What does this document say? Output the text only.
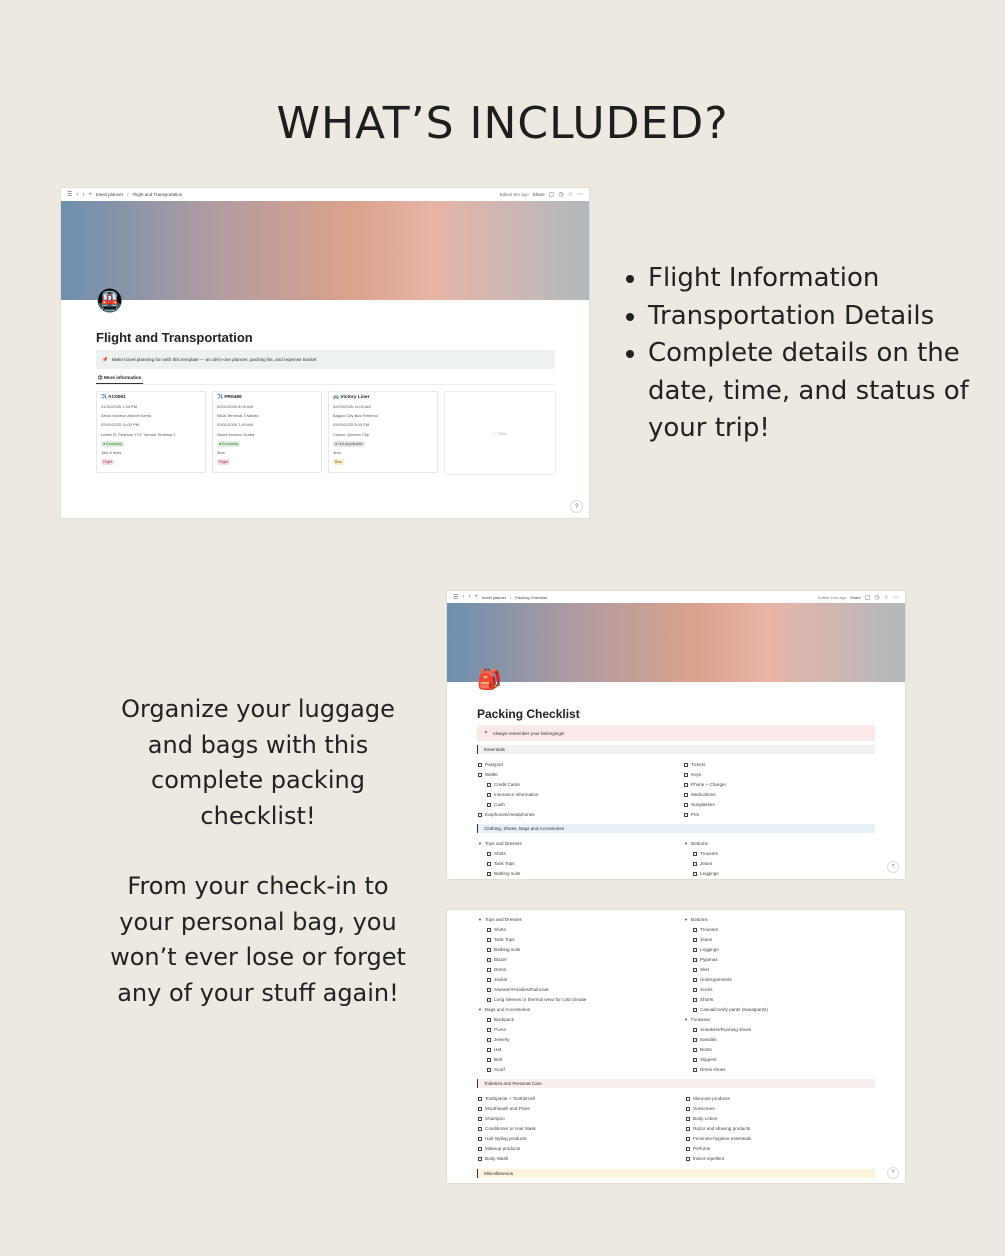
WHAT’S INCLUDED?
☰ ‹ › + travel planner / Flight and Transportation	Edited 8m ago Share ▢ ◷ ☆ ⋯
🚇
Flight and Transportation
📌 Make travel planning fun with this template — an all-in-one planner, packing list, and expense tracker.
🛈 More information
✈️ AC0061
01/31/2025 1:30 PM
Seoul Incheon Airport Korea
02/01/2025 11:00 PM
Lester B. Pearson YYZ Toronto Terminal 1
● Economy
1lbs 6 mins
Flight
✈️ PR0469
02/01/2025 8:00 AM
NAIA Terminal 3 Manila
02/01/2025 7:40 AM
Seoul Incheon Korea
● Economy
4hrs
Flight
🚌 Victory Liner
02/03/2025 11:00 AM
Baguio City Bus Terminal
02/03/2025 3:00 PM
Cubao, Quezon City
● Not Applicable
4hrs
Bus
+ New
?
• Flight Information
• Transportation Details
• Complete details on the date, time, and status of your trip!
☰ ‹ › + travel planner / Packing Checklist	Edited 10m ago Share ▢ ◷ ☆ ⋯
🎒
Packing Checklist
🍷 Always remember your belongings!
Essentials
Passport
Wallet
Credit Cards
Insurance Information
Cash
Earphones/Headphones
Tickets
Keys
Phone + Charger
Medications
Sunglasses
Pen
Clothing, Shoes, Bags and Accessories
▼ Tops and Dresses
Shirts
Tank Tops
Bathing suits
▼ Bottoms
Trousers
Jeans
Leggings
?

Organize your luggage
and bags with this
complete packing
checklist!

From your check-in to
your personal bag, you
won’t ever lose or forget
any of your stuff again!

▼ Tops and Dresses
Shirts
Tank Tops
Bathing suits
Blazer
Dress
Jacket
Sweater/Hoodies/Raincoat
Long sleeves or thermal wear for cold climate
▼ Bags and Accessories
Backpack
Purse
Jewelry
Hat
Belt
Scarf
▼ Bottoms
Trousers
Jeans
Leggings
Pyjamas
Skirt
Undergarments
Socks
Shorts
Casual/comfy pants (sweatpants)
▼ Footwear
Sneakers/Running shoes
Sandals
Boots
Slippers
Dress shoes
Toiletries and Personal Care
Toothpaste + Toothbrush
Mouthwash and Floss
Shampoo
Conditioner or Hair Mask
Hair styling products
Makeup products
Body Wash
Skincare products
Sunscreen
Body Lotion
Razor and shaving products
Feminine-hygiene essentials
Perfume
Insect repellent
Miscellaneous	?
